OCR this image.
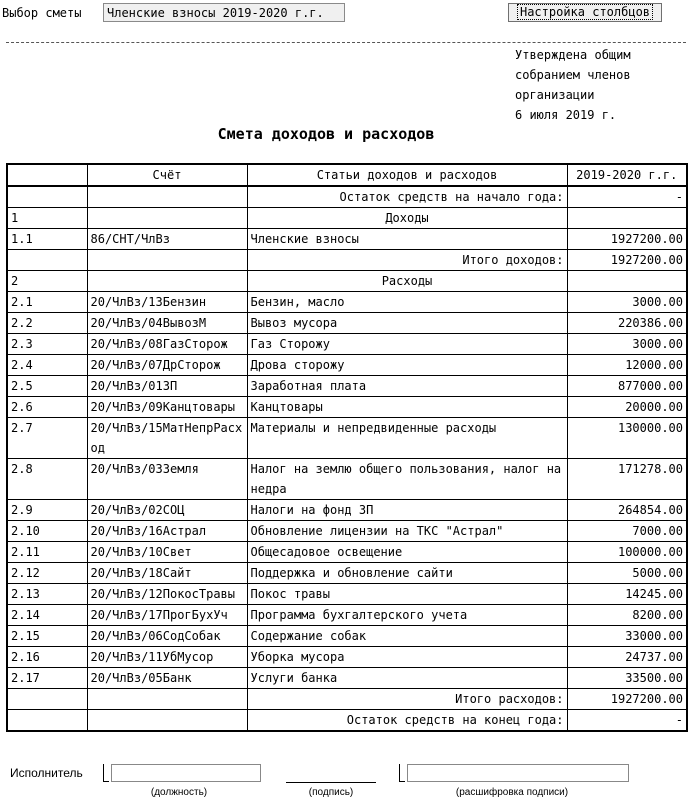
Выбор сметы	Членские взносы 2019-2020 г.г.	Настройка столбцов
Утверждена общим
собранием членов
организации
6 июля 2019 г.
Смета доходов и расходов
	Счёт	Статьи доходов и расходов	2019-2020 г.г.
		Остаток средств на начало года:	-
1		Доходы	
1.1	86/СНТ/ЧлВз	Членские взносы	1927200.00
		Итого доходов:	1927200.00
2		Расходы	
2.1	20/ЧлВз/13Бензин	Бензин, масло	3000.00
2.2	20/ЧлВз/04ВывозМ	Вывоз мусора	220386.00
2.3	20/ЧлВз/08ГазСторож	Газ Сторожу	3000.00
2.4	20/ЧлВз/07ДрСторож	Дрова сторожу	12000.00
2.5	20/ЧлВз/01ЗП	Заработная плата	877000.00
2.6	20/ЧлВз/09Канцтовары	Канцтовары	20000.00
2.7	20/ЧлВз/15МатНепрРасход	Материалы и непредвиденные расходы	130000.00
2.8	20/ЧлВз/03Земля	Налог на землю общего пользования, налог на недра	171278.00
2.9	20/ЧлВз/02СОЦ	Налоги на фонд ЗП	264854.00
2.10	20/ЧлВз/16Астрал	Обновление лицензии на ТКС "Астрал"	7000.00
2.11	20/ЧлВз/10Свет	Общесадовое освещение	100000.00
2.12	20/ЧлВз/18Сайт	Поддержка и обновление сайти	5000.00
2.13	20/ЧлВз/12ПокосТравы	Покос травы	14245.00
2.14	20/ЧлВз/17ПрогБухУч	Программа бухгалтерского учета	8200.00
2.15	20/ЧлВз/06СодСобак	Содержание собак	33000.00
2.16	20/ЧлВз/11УбМусор	Уборка мусора	24737.00
2.17	20/ЧлВз/05Банк	Услуги банка	33500.00
		Итого расходов:	1927200.00
		Остаток средств на конец года:	-
Исполнитель
(должность)	(подпись)	(расшифровка подписи)
